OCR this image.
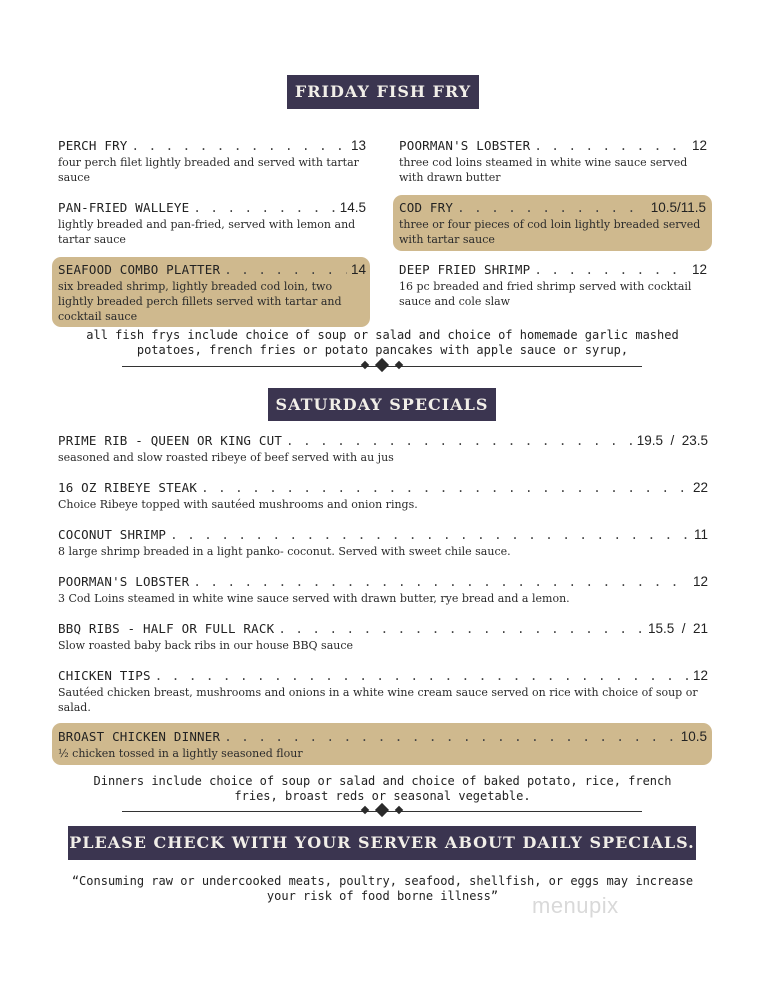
FRIDAY FISH FRY
PERCH FRY . . .	13
four perch filet lightly breaded and served with tartar sauce
PAN-FRIED WALLEYE . . .	14.5
lightly breaded and pan-fried, served with lemon and tartar sauce
SEAFOOD COMBO PLATTER . . .	14
six breaded shrimp, lightly breaded cod loin, two lightly breaded perch fillets served with tartar and cocktail sauce
POORMAN'S LOBSTER . . .	12
three cod loins steamed in white wine sauce served with drawn butter
COD FRY . . .	10.5/11.5
three or four pieces of cod loin lightly breaded served with tartar sauce
DEEP FRIED SHRIMP . . .	12
16 pc breaded and fried shrimp served with cocktail sauce and cole slaw
all fish frys include choice of soup or salad and choice of homemade garlic mashed potatoes, french fries or potato pancakes with apple sauce or syrup,
SATURDAY SPECIALS
PRIME RIB - QUEEN OR KING CUT . . .	19.5  /  23.5
seasoned and slow roasted ribeye of beef served with au jus
16 OZ RIBEYE STEAK . . .	22
Choice Ribeye topped with sautéed mushrooms and onion rings.
COCONUT SHRIMP . . .	11
8 large shrimp breaded in a light panko- coconut. Served with sweet chile sauce.
POORMAN'S LOBSTER . . .	12
3 Cod Loins steamed in white wine sauce served with drawn butter, rye bread and a lemon.
BBQ RIBS - HALF OR FULL RACK . . .	15.5  /  21
Slow roasted baby back ribs in our house BBQ sauce
CHICKEN TIPS . . .	12
Sautéed chicken breast, mushrooms and onions in a white wine cream sauce served on rice with choice of soup or salad.
BROAST CHICKEN DINNER . . .	10.5
½ chicken tossed in a lightly seasoned flour
Dinners include choice of soup or salad and choice of baked potato, rice, french fries, broast reds or seasonal vegetable.
PLEASE CHECK WITH YOUR SERVER ABOUT DAILY SPECIALS.
“Consuming raw or undercooked meats, poultry, seafood, shellfish, or eggs may increase your risk of food borne illness”	menupix
